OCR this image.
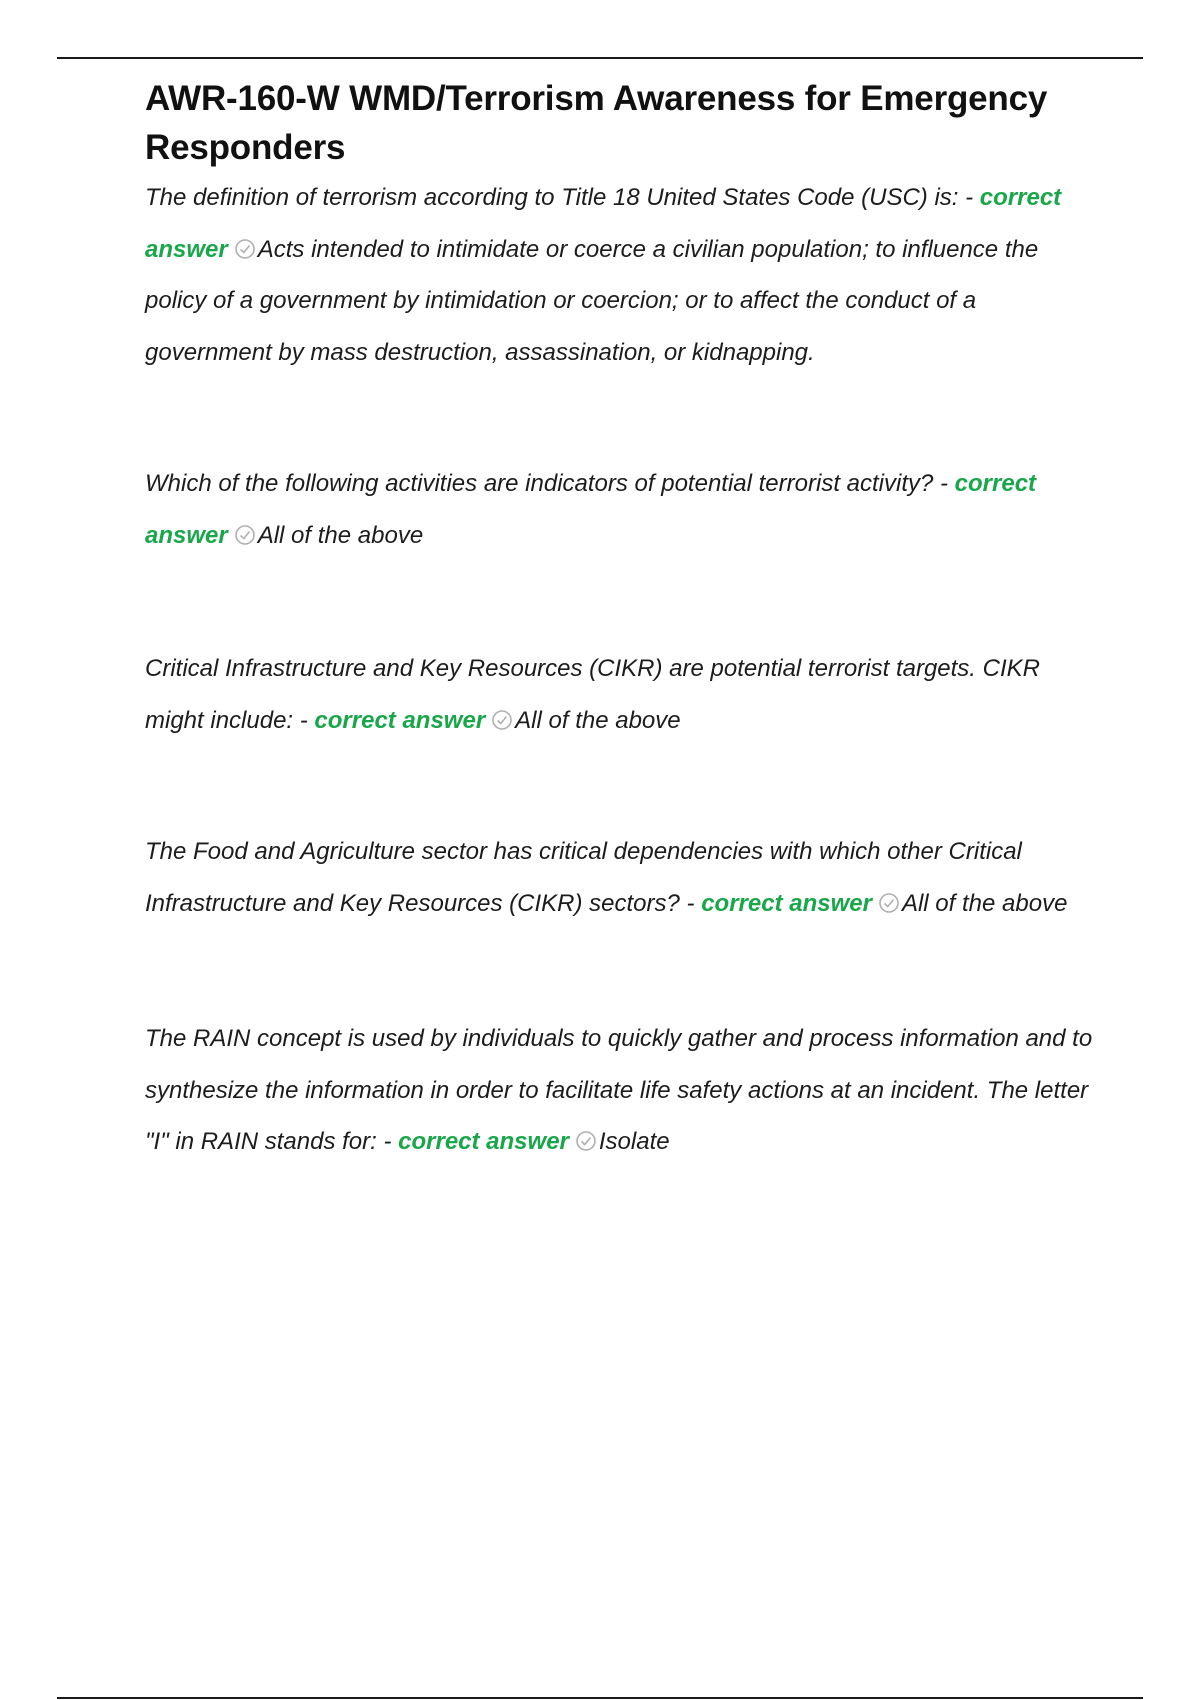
AWR-160-W WMD/Terrorism Awareness for Emergency Responders

The definition of terrorism according to Title 18 United States Code (USC) is: - correct answer Acts intended to intimidate or coerce a civilian population; to influence the policy of a government by intimidation or coercion; or to affect the conduct of a government by mass destruction, assassination, or kidnapping.

Which of the following activities are indicators of potential terrorist activity? - correct answer All of the above

Critical Infrastructure and Key Resources (CIKR) are potential terrorist targets. CIKR might include: - correct answer All of the above

The Food and Agriculture sector has critical dependencies with which other Critical Infrastructure and Key Resources (CIKR) sectors? - correct answer All of the above

The RAIN concept is used by individuals to quickly gather and process information and to synthesize the information in order to facilitate life safety actions at an incident. The letter "I" in RAIN stands for: - correct answer Isolate
